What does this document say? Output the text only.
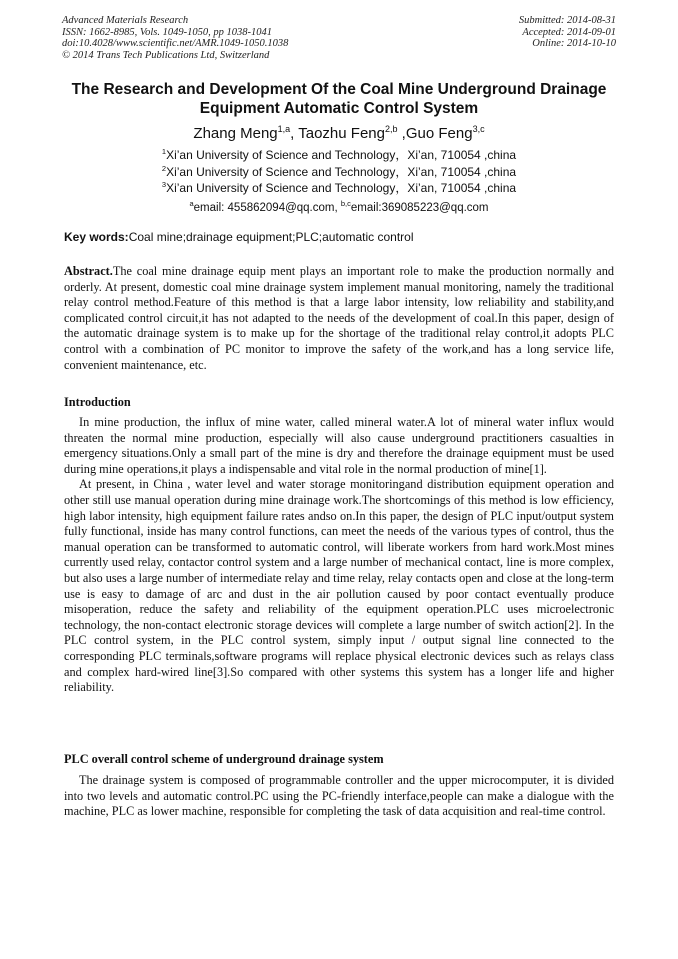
Advanced Materials Research
ISSN: 1662-8985, Vols. 1049-1050, pp 1038-1041
doi:10.4028/www.scientific.net/AMR.1049-1050.1038
© 2014 Trans Tech Publications Ltd, Switzerland
Submitted: 2014-08-31
Accepted: 2014-09-01
Online: 2014-10-10
The Research and Development Of the Coal Mine Underground Drainage
Equipment Automatic Control System
Zhang Meng$^{1,a}$, Taozhu Feng$^{2,b}$ ,Guo Feng$^{3,c}$
$^1$Xi’an University of Science and Technology，Xi’an, 710054 ,china
$^2$Xi’an University of Science and Technology，Xi’an, 710054 ,china
$^3$Xi’an University of Science and Technology，Xi’an, 710054 ,china
$^a$email: 455862094@qq.com, $^{b,c}$email:369085223@qq.com
Key words:Coal mine;drainage equipment;PLC;automatic control

Abstract.The coal mine drainage equip ment plays an important role to make the production normally and orderly. At present, domestic coal mine drainage system implement manual monitoring, namely the traditional relay control method.Feature of this method is that a large labor intensity, low reliability and stability,and complicated control circuit,it has not adapted to the needs of the development of coal.In this paper, design of the automatic drainage system is to make up for the shortage of the traditional relay control,it adopts PLC control with a combination of PC monitor to improve the safety of the work,and has a long service life, convenient maintenance, etc.

Introduction

In mine production, the influx of mine water, called mineral water.A lot of mineral water influx would threaten the normal mine production, especially will also cause underground practitioners casualties in emergency situations.Only a small part of the mine is dry and therefore the drainage equipment must be used during mine operations,it plays a indispensable and vital role in the normal production of mine[1].

At present, in China , water level and water storage monitoringand distribution equipment operation and other still use manual operation during mine drainage work.The shortcomings of this method is low efficiency, high labor intensity, high equipment failure rates andso on.In this paper, the design of PLC input/output system fully functional, inside has many control functions, can meet the needs of the various types of control, thus the manual operation can be transformed to automatic control, will liberate workers from hard work.Most mines currently used relay, contactor control system and a large number of mechanical contact, line is more complex, but also uses a large number of intermediate relay and time relay, relay contacts open and close at the long-term use is easy to damage of arc and dust in the air pollution caused by poor contact eventually produce misoperation, reduce the safety and reliability of the equipment operation.PLC uses microelectronic technology, the non-contact electronic storage devices will complete a large number of switch action[2]. In the PLC control system, in the PLC control system, simply input / output signal line connected to the corresponding PLC terminals,software programs will replace physical electronic devices such as relays class and complex hard-wired line[3].So compared with other systems this system has a longer life and higher reliability.

PLC overall control scheme of underground drainage system

The drainage system is composed of programmable controller and the upper microcomputer, it is divided into two levels and automatic control.PC using the PC-friendly interface,people can make a dialogue with the machine, PLC as lower machine, responsible for completing the task of data acquisition and real-time control.
